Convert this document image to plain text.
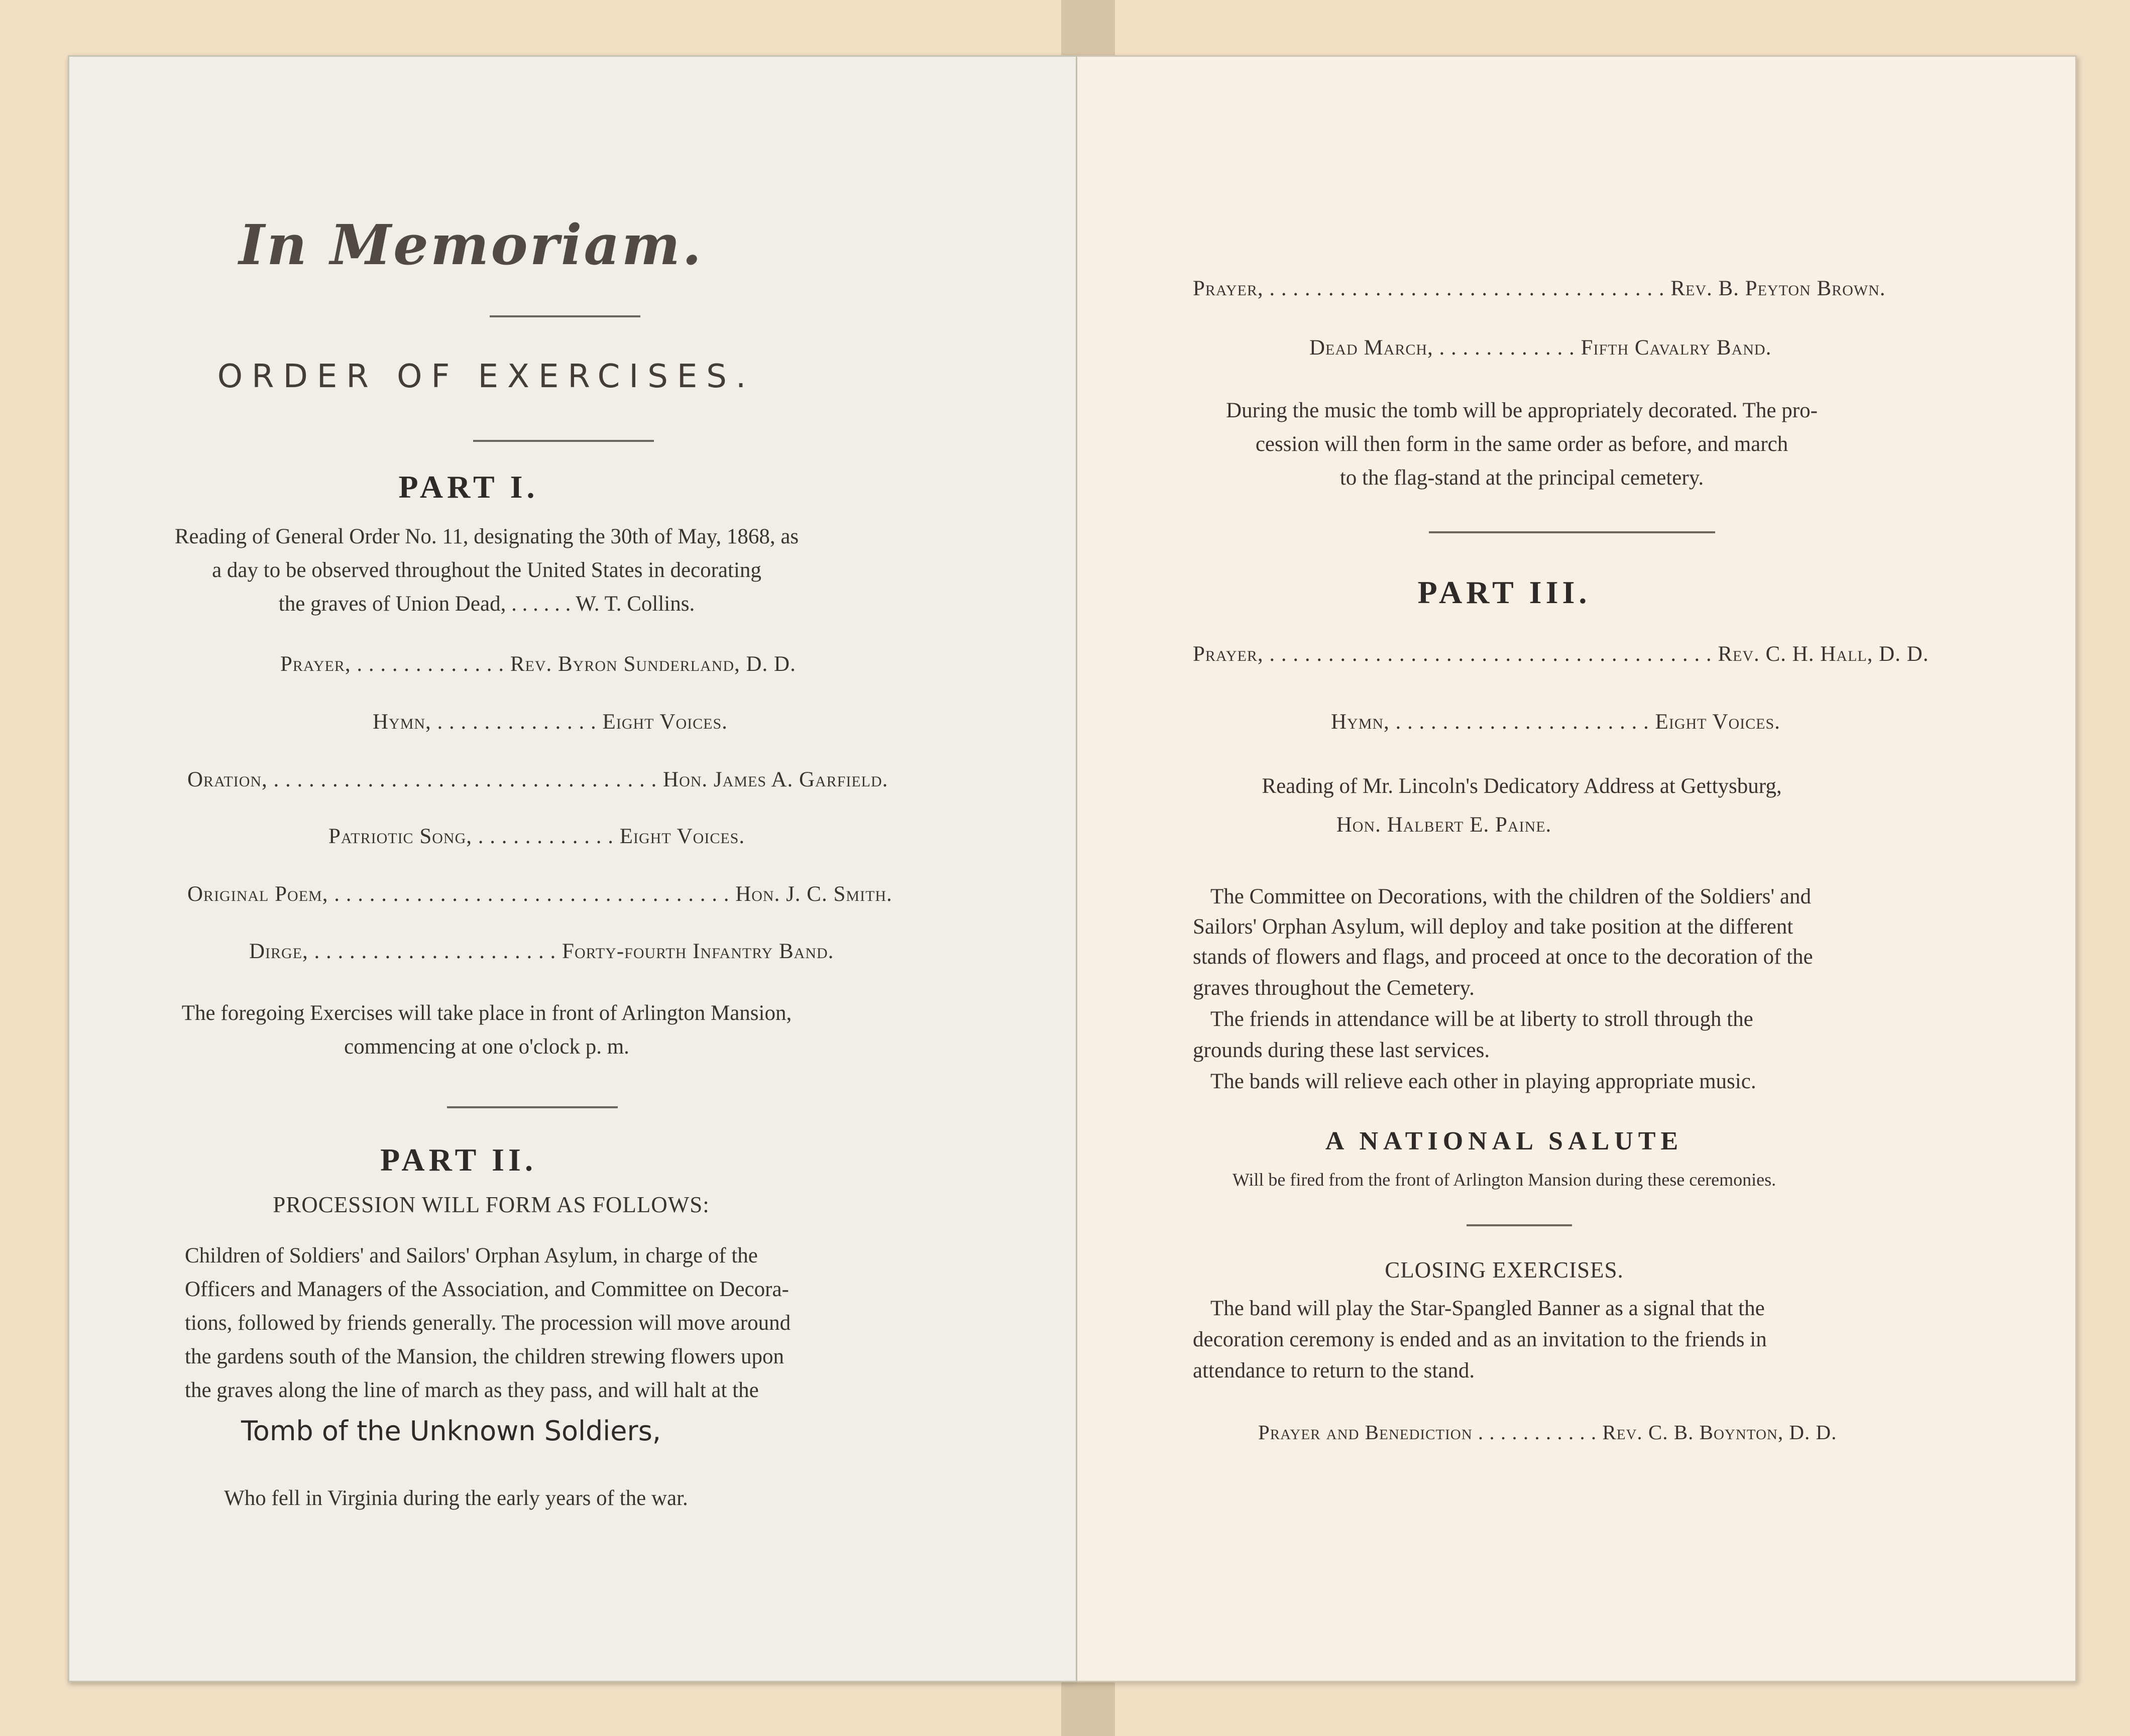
In Memoriam.
ORDER OF EXERCISES.
PART I.
Reading of General Order No. 11, designating the 30th of May, 1868, as
a day to be observed throughout the United States in decorating
the graves of Union Dead, . . . . . . W. T. Collins.
Prayer, . . . . . . . . . . . . . Rev. Byron Sunderland, D. D.
Hymn, . . . . . . . . . . . . . . Eight Voices.
Oration, . . . . . . . . . . . . . . . . . . . . . . . . . . . . . . . . . Hon. James A. Garfield.
Patriotic Song, . . . . . . . . . . . . Eight Voices.
Original Poem, . . . . . . . . . . . . . . . . . . . . . . . . . . . . . . . . . . Hon. J. C. Smith.
Dirge, . . . . . . . . . . . . . . . . . . . . . Forty-fourth Infantry Band.
The foregoing Exercises will take place in front of Arlington Mansion,
commencing at one o'clock p. m.
PART II.
PROCESSION WILL FORM AS FOLLOWS:
Children of Soldiers' and Sailors' Orphan Asylum, in charge of the
Officers and Managers of the Association, and Committee on Decora-
tions, followed by friends generally. The procession will move around
the gardens south of the Mansion, the children strewing flowers upon
the graves along the line of march as they pass, and will halt at the
Tomb of the Unknown Soldiers,
Who fell in Virginia during the early years of the war.
Prayer, . . . . . . . . . . . . . . . . . . . . . . . . . . . . . . . . . . Rev. B. Peyton Brown.
Dead March, . . . . . . . . . . . . Fifth Cavalry Band.
During the music the tomb will be appropriately decorated. The pro-
cession will then form in the same order as before, and march
to the flag-stand at the principal cemetery.
PART III.
Prayer, . . . . . . . . . . . . . . . . . . . . . . . . . . . . . . . . . . . . . . Rev. C. H. Hall, D. D.
Hymn, . . . . . . . . . . . . . . . . . . . . . . Eight Voices.
Reading of Mr. Lincoln's Dedicatory Address at Gettysburg,
Hon. Halbert E. Paine.
The Committee on Decorations, with the children of the Soldiers' and
Sailors' Orphan Asylum, will deploy and take position at the different
stands of flowers and flags, and proceed at once to the decoration of the
graves throughout the Cemetery.
The friends in attendance will be at liberty to stroll through the
grounds during these last services.
The bands will relieve each other in playing appropriate music.
A NATIONAL SALUTE
Will be fired from the front of Arlington Mansion during these ceremonies.
CLOSING EXERCISES.
The band will play the Star-Spangled Banner as a signal that the
decoration ceremony is ended and as an invitation to the friends in
attendance to return to the stand.
Prayer and Benediction . . . . . . . . . . . Rev. C. B. Boynton, D. D.
